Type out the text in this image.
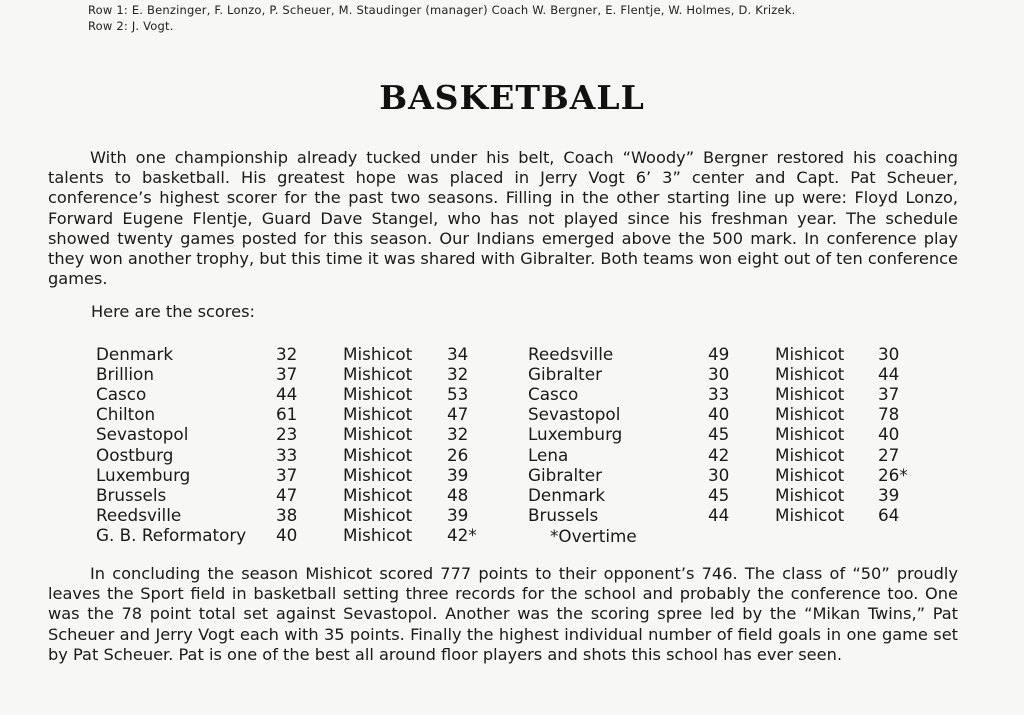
Row 1: E. Benzinger, F. Lonzo, P. Scheuer, M. Staudinger (manager) Coach W. Bergner, E. Flentje, W. Holmes, D. Krizek.
Row 2: J. Vogt.
BASKETBALL

With one championship already tucked under his belt, Coach “Woody” Bergner restored his coaching talents to basketball. His greatest hope was placed in Jerry Vogt 6’ 3” center and Capt. Pat Scheuer, conference’s highest scorer for the past two seasons. Filling in the other starting line up were: Floyd Lonzo, Forward Eugene Flentje, Guard Dave Stangel, who has not played since his freshman year. The schedule showed twenty games posted for this season. Our Indians emerged above the 500 mark. In conference play they won another trophy, but this time it was shared with Gibralter. Both teams won eight out of ten conference games.

Here are the scores:
Denmark	32	Mishicot 34
Brillion	37	Mishicot 32
Casco	44	Mishicot 53
Chilton	61	Mishicot 47
Sevastopol	23	Mishicot 32
Oostburg	33	Mishicot 26
Luxemburg	37	Mishicot 39
Brussels	47	Mishicot 48
Reedsville	38	Mishicot 39
G. B. Reformatory 40	Mishicot 42*
Reedsville	49	Mishicot 30
Gibralter	30	Mishicot 44
Casco	33	Mishicot 37
Sevastopol	40	Mishicot 78
Luxemburg	45	Mishicot 40
Lena	42	Mishicot 27
Gibralter	30	Mishicot 26*
Denmark	45	Mishicot 39
Brussels	44	Mishicot 64
*Overtime

In concluding the season Mishicot scored 777 points to their opponent’s 746. The class of “50” proudly leaves the Sport field in basketball setting three records for the school and probably the conference too. One was the 78 point total set against Sevastopol. Another was the scoring spree led by the “Mikan Twins,” Pat Scheuer and Jerry Vogt each with 35 points. Finally the highest individual number of field goals in one game set by Pat Scheuer. Pat is one of the best all around floor players and shots this school has ever seen.
